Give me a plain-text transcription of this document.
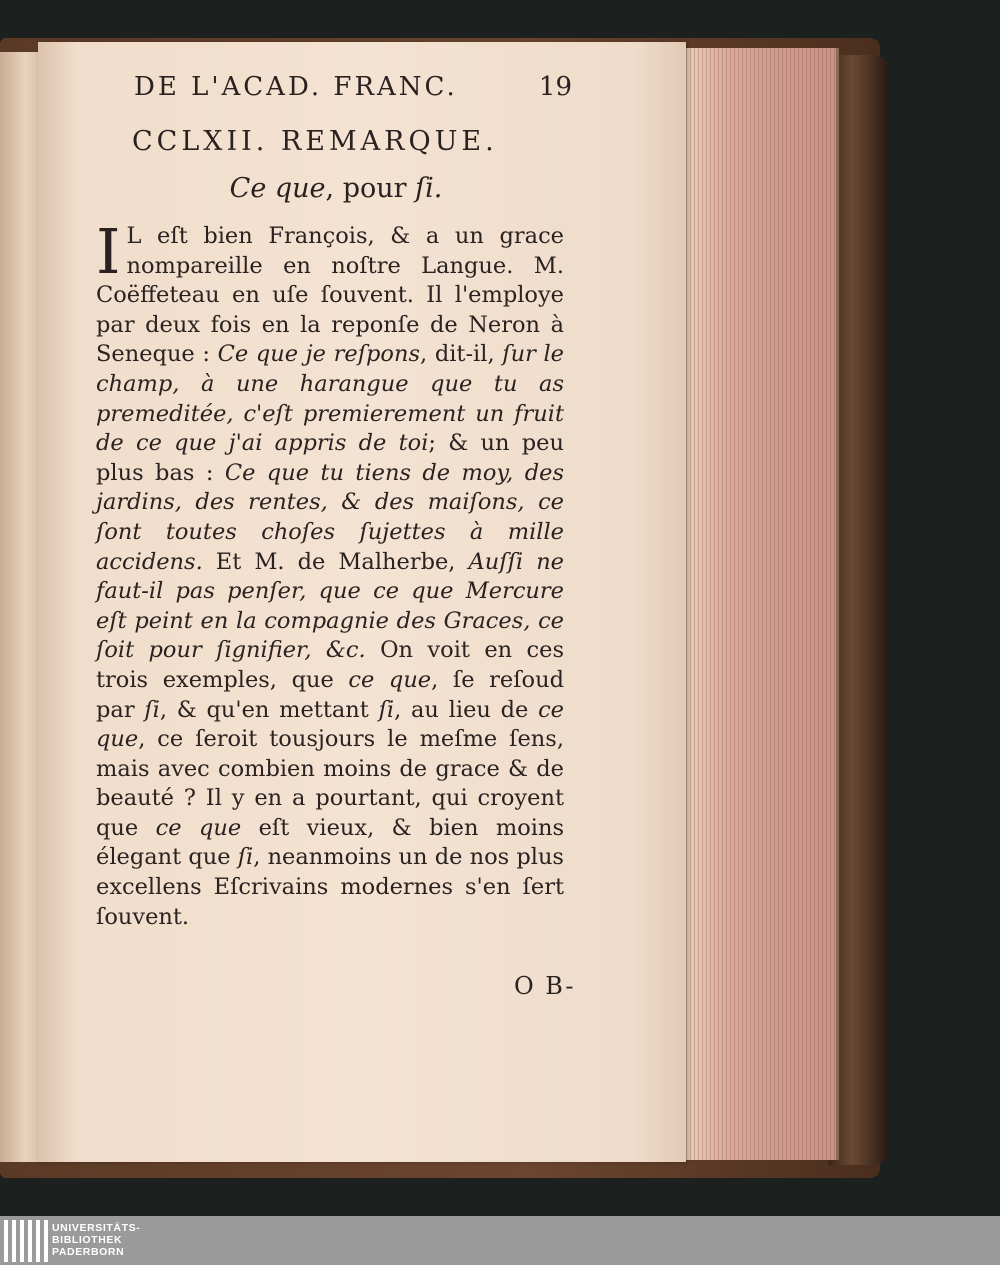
DE L'ACAD. FRANC.	19
CCLXII. REMARQUE.
Ce que, pour ſi.
I L eſt bien François, & a un grace nompareille en noſtre Langue. M. Coëffeteau en uſe ſouvent. Il l'employe par deux fois en la reponſe de Neron à Seneque : Ce que je reſpons, dit-il, ſur le champ, à une harangue que tu as premeditée, c'eſt premierement un fruit de ce que j'ai appris de toi; & un peu plus bas : Ce que tu tiens de moy, des jardins, des rentes, & des maiſons, ce ſont toutes choſes ſujettes à mille accidens. Et M. de Malherbe, Auſſi ne faut-il pas penſer, que ce que Mercure eſt peint en la compagnie des Graces, ce ſoit pour ſignifier, &c. On voit en ces trois exemples, que ce que, ſe reſoud par ſi, & qu'en mettant ſi, au lieu de ce que, ce ſeroit tousjours le meſme ſens, mais avec combien moins de grace & de beauté ? Il y en a pourtant, qui croyent que ce que eſt vieux, & bien moins élegant que ſi, neanmoins un de nos plus excellens Eſcrivains modernes s'en ſert ſouvent.
O B-
UNIVERSITÄTS-
BIBLIOTHEK
PADERBORN
